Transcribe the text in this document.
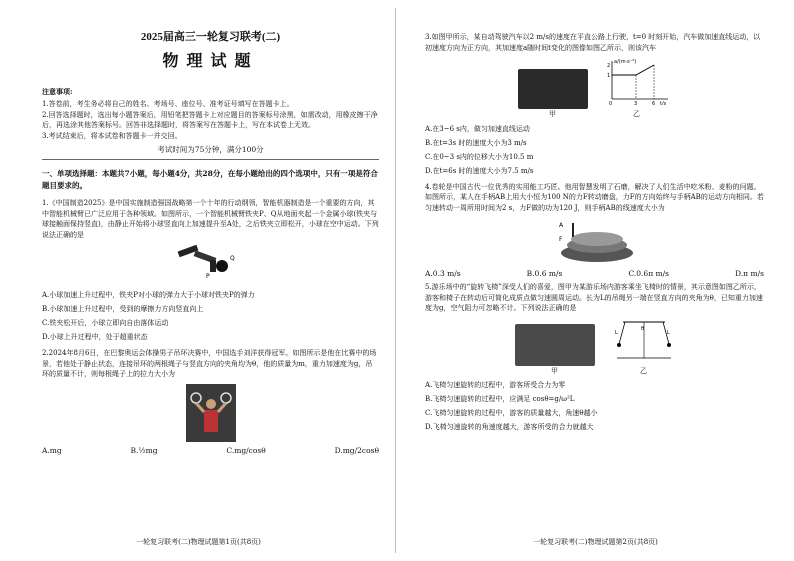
2025届高三一轮复习联考(二)

物理试题

注意事项:

1.答卷前，考生务必将自己的姓名、考场号、座位号、准考证号填写在答题卡上。

2.回答选择题时，选出每小题答案后，用铅笔把答题卡上对应题目的答案标号涂黑，如需改动，用橡皮擦干净后，再选涂其他答案标号。回答非选择题时，将答案写在答题卡上，写在本试卷上无效。

3.考试结束后，将本试卷和答题卡一并交回。

考试时间为75分钟，满分100分

一、单项选择题：本题共7小题，每小题4分，共28分，在每小题给出的四个选项中，只有一项是符合题目要求的。

1.《中国制造2025》是中国实施制造强国战略第一个十年的行动纲领，智能机器制造是一个重要的方向，其中智能机械臂已广泛应用于各种领域。如图所示，一个智能机械臂铁夹P、Q从地面夹起一个金属小球(铁夹与球接触面保持竖直)，由静止开始将小球竖直向上加速提升至A处，之后铁夹立即松开，小球在空中运动。下列说法正确的是

P
Q

A.小球加速上升过程中，铁夹P对小球的弹力大于小球对铁夹P的弹力

B.小球加速上升过程中，受到的摩擦力方向竖直向上

C.铁夹松开后，小球立即向自由落体运动

D.小球上升过程中，处于超重状态

2.2024年8月6日，在巴黎奥运会体操男子吊环决赛中，中国选手刘洋获得冠军。如图所示是他在比赛中的场景，若他处于静止状态，连接吊环的两根绳子与竖直方向的夹角均为θ，他的质量为m，重力加速度为g，吊环的质量不计，则每根绳子上的拉力大小为

A.mg	B.½mg	C.mg/cosθ	D.mg/2cosθ
一轮复习联考(二)物理试题第1页(共8页)

3.如图甲所示，某自动驾驶汽车以2 m/s的速度在平直公路上行驶，t=0 时刻开始，汽车做加速直线运动，以初速度方向为正方向，其加速度a随时间t变化的图像如图乙所示，则该汽车

甲
a/(m·s⁻²)
t/s
2
1
0	3	6
乙

A.在3~6 s内，做匀加速直线运动

B.在t=3s 时的速度大小为3 m/s

C.在0~3 s内的位移大小为10.5 m

D.在t=6s 时的速度大小为7.5 m/s

4.卷轮是中国古代一位优秀的实用能工巧匠。他用智慧发明了石磨，解决了人们生活中吃米粉、麦粉的问题。如图所示，某人在手柄AB上用大小恒为100 N的力F转动磨盘，力F的方向始终与手柄AB的运动方向相同。若匀速转动一周所用时间为2 s，力F做的功为120 J，则手柄AB的线速度大小为

A
F
A.0.3 m/s	B.0.6 m/s	C.0.6π m/s	D.π m/s

5.游乐场中的“旋转飞椅”深受人们的喜爱，图甲为某游乐场内游客乘坐飞椅时的情景，其示意图如图乙所示，游客和椅子在转动后可简化成质点做匀速圆周运动。长为L的吊绳另一端在竖直方向的夹角为θ，已知重力加速度为g，空气阻力可忽略不计。下列说法正确的是

甲
θ
L	L
乙

A.飞椅匀速旋转的过程中，游客所受合力为零

B.飞椅匀速旋转的过程中，应满足 cosθ=g/ω²L

C.飞椅匀速旋转的过程中，游客的质量越大，角速θ越小

D.飞椅匀速旋转的角速度越大，游客所受的合力就越大

一轮复习联考(二)物理试题第2页(共8页)
